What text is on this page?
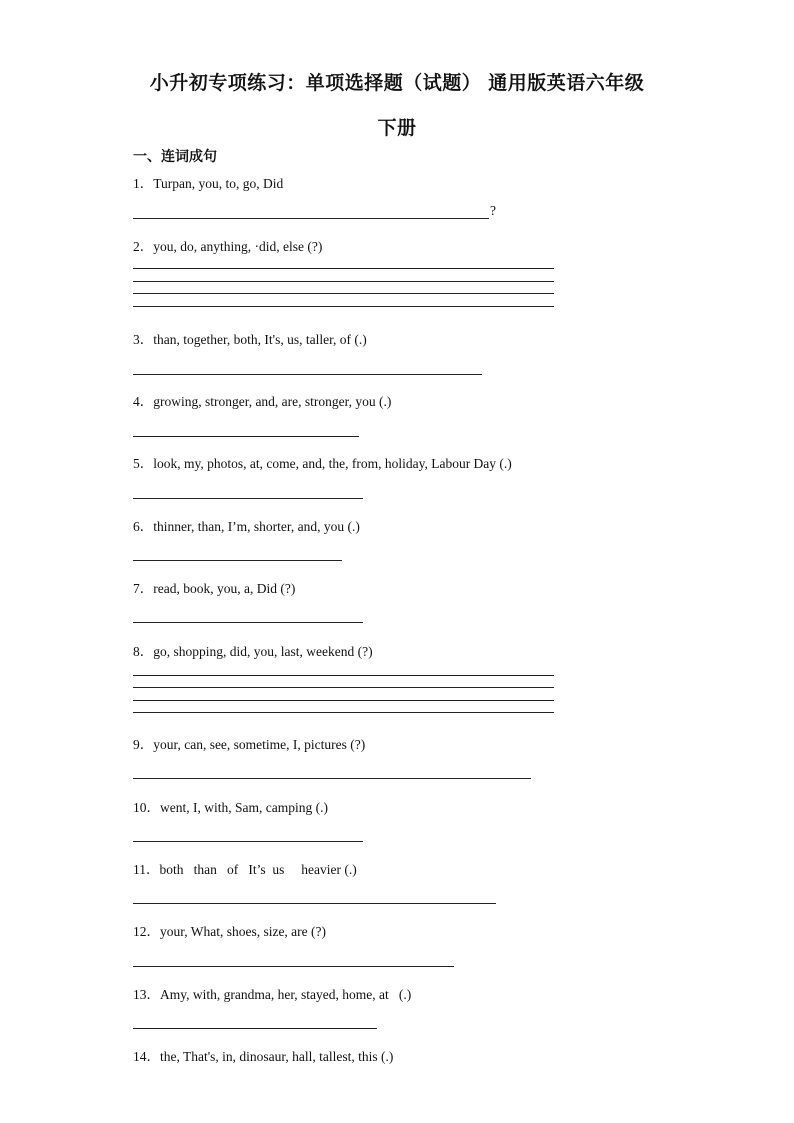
小升初专项练习：单项选择题（试题） 通用版英语六年级
下册
一、连词成句
1．Turpan, you, to, go, Did
?
2．you, do, anything, ·did, else (?)
3．than, together, both, It's, us, taller, of (.)
4．growing, stronger, and, are, stronger, you (.)
5．look, my, photos, at, come, and, the, from, holiday, Labour Day (.)
6．thinner, than, I’m, shorter, and, you (.)
7．read, book, you, a, Did (?)
8．go, shopping, did, you, last, weekend (?)
9．your, can, see, sometime, I, pictures (?)
10．went, I, with, Sam, camping (.)
11．both   than   of   It’s  us     heavier (.)
12．your, What, shoes, size, are (?)
13．Amy, with, grandma, her, stayed, home, at   (.)
14．the, That's, in, dinosaur, hall, tallest, this (.)
